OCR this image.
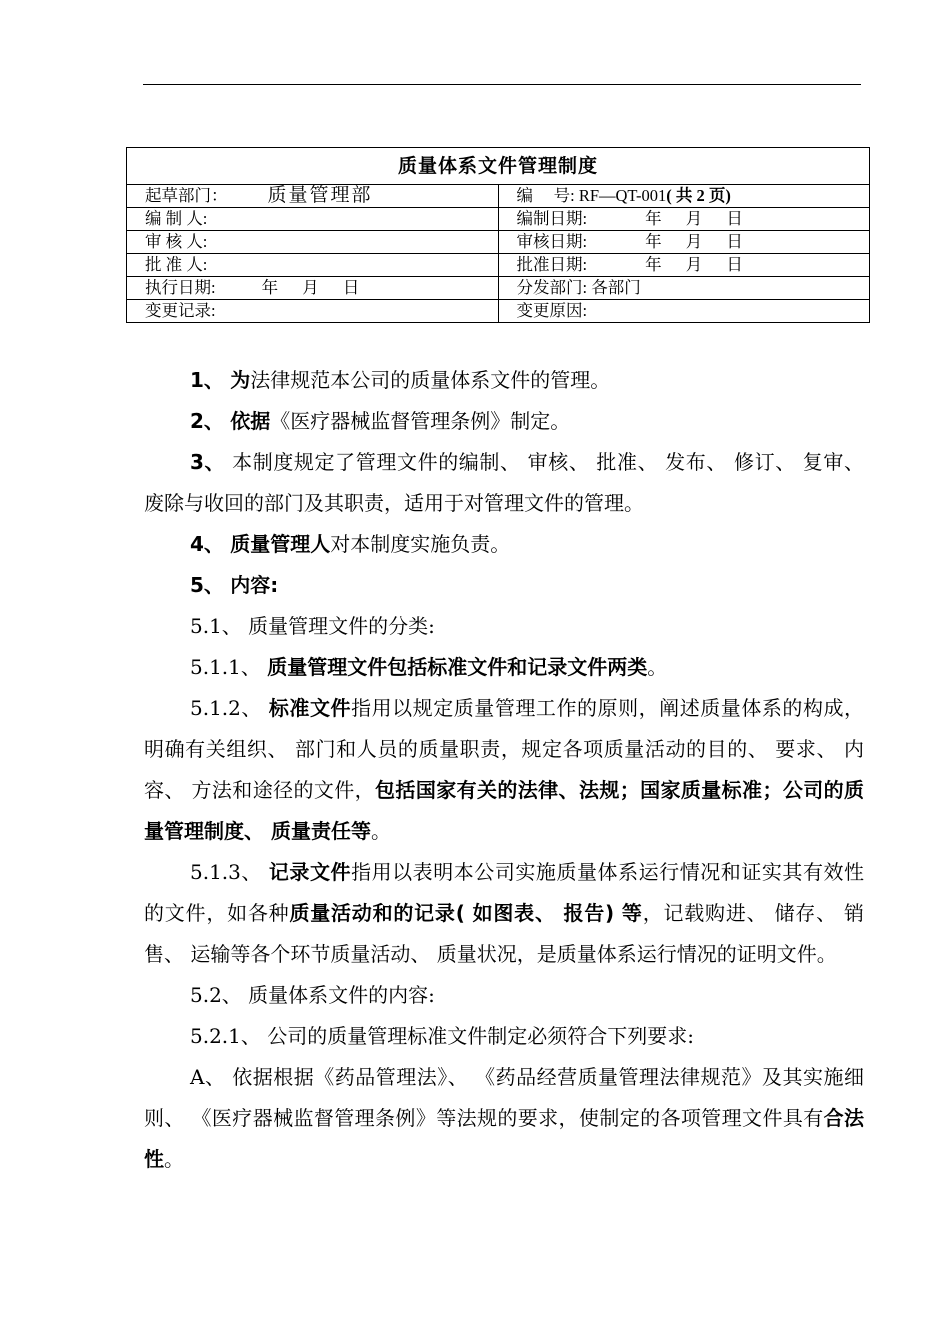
质量体系文件管理制度	
起草部门： 质量管理部	编　 号: RF—QT-001( 共 2 页)
编 制 人:	编制日期: 年 月 日
审 核 人:	审核日期: 年 月 日
批 准 人:	批准日期: 年 月 日
执行日期: 年 月 日	分发部门: 各部门
变更记录:	变更原因:

1、 为法律规范本公司的质量体系文件的管理。

2、 依据《医疗器械监督管理条例》制定。

3、 本制度规定了管理文件的编制、 审核、 批准、 发布、 修订、 复审、 废除与收回的部门及其职责，适用于对管理文件的管理。

4、 质量管理人对本制度实施负责。

5、 内容:

5.1、 质量管理文件的分类:

5.1.1、 质量管理文件包括标准文件和记录文件两类。

5.1.2、 标准文件指用以规定质量管理工作的原则，阐述质量体系的构成，明确有关组织、 部门和人员的质量职责，规定各项质量活动的目的、 要求、 内容、 方法和途径的文件，包括国家有关的法律、法规；国家质量标准；公司的质量管理制度、 质量责任等。

5.1.3、 记录文件指用以表明本公司实施质量体系运行情况和证实其有效性的文件，如各种质量活动和的记录( 如图表、 报告) 等，记载购进、 储存、 销售、 运输等各个环节质量活动、 质量状况，是质量体系运行情况的证明文件。

5.2、 质量体系文件的内容:

5.2.1、 公司的质量管理标准文件制定必须符合下列要求:

A、 依据根据《药品管理法》、 《药品经营质量管理法律规范》及其实施细则、 《医疗器械监督管理条例》等法规的要求，使制定的各项管理文件具有合法性。
